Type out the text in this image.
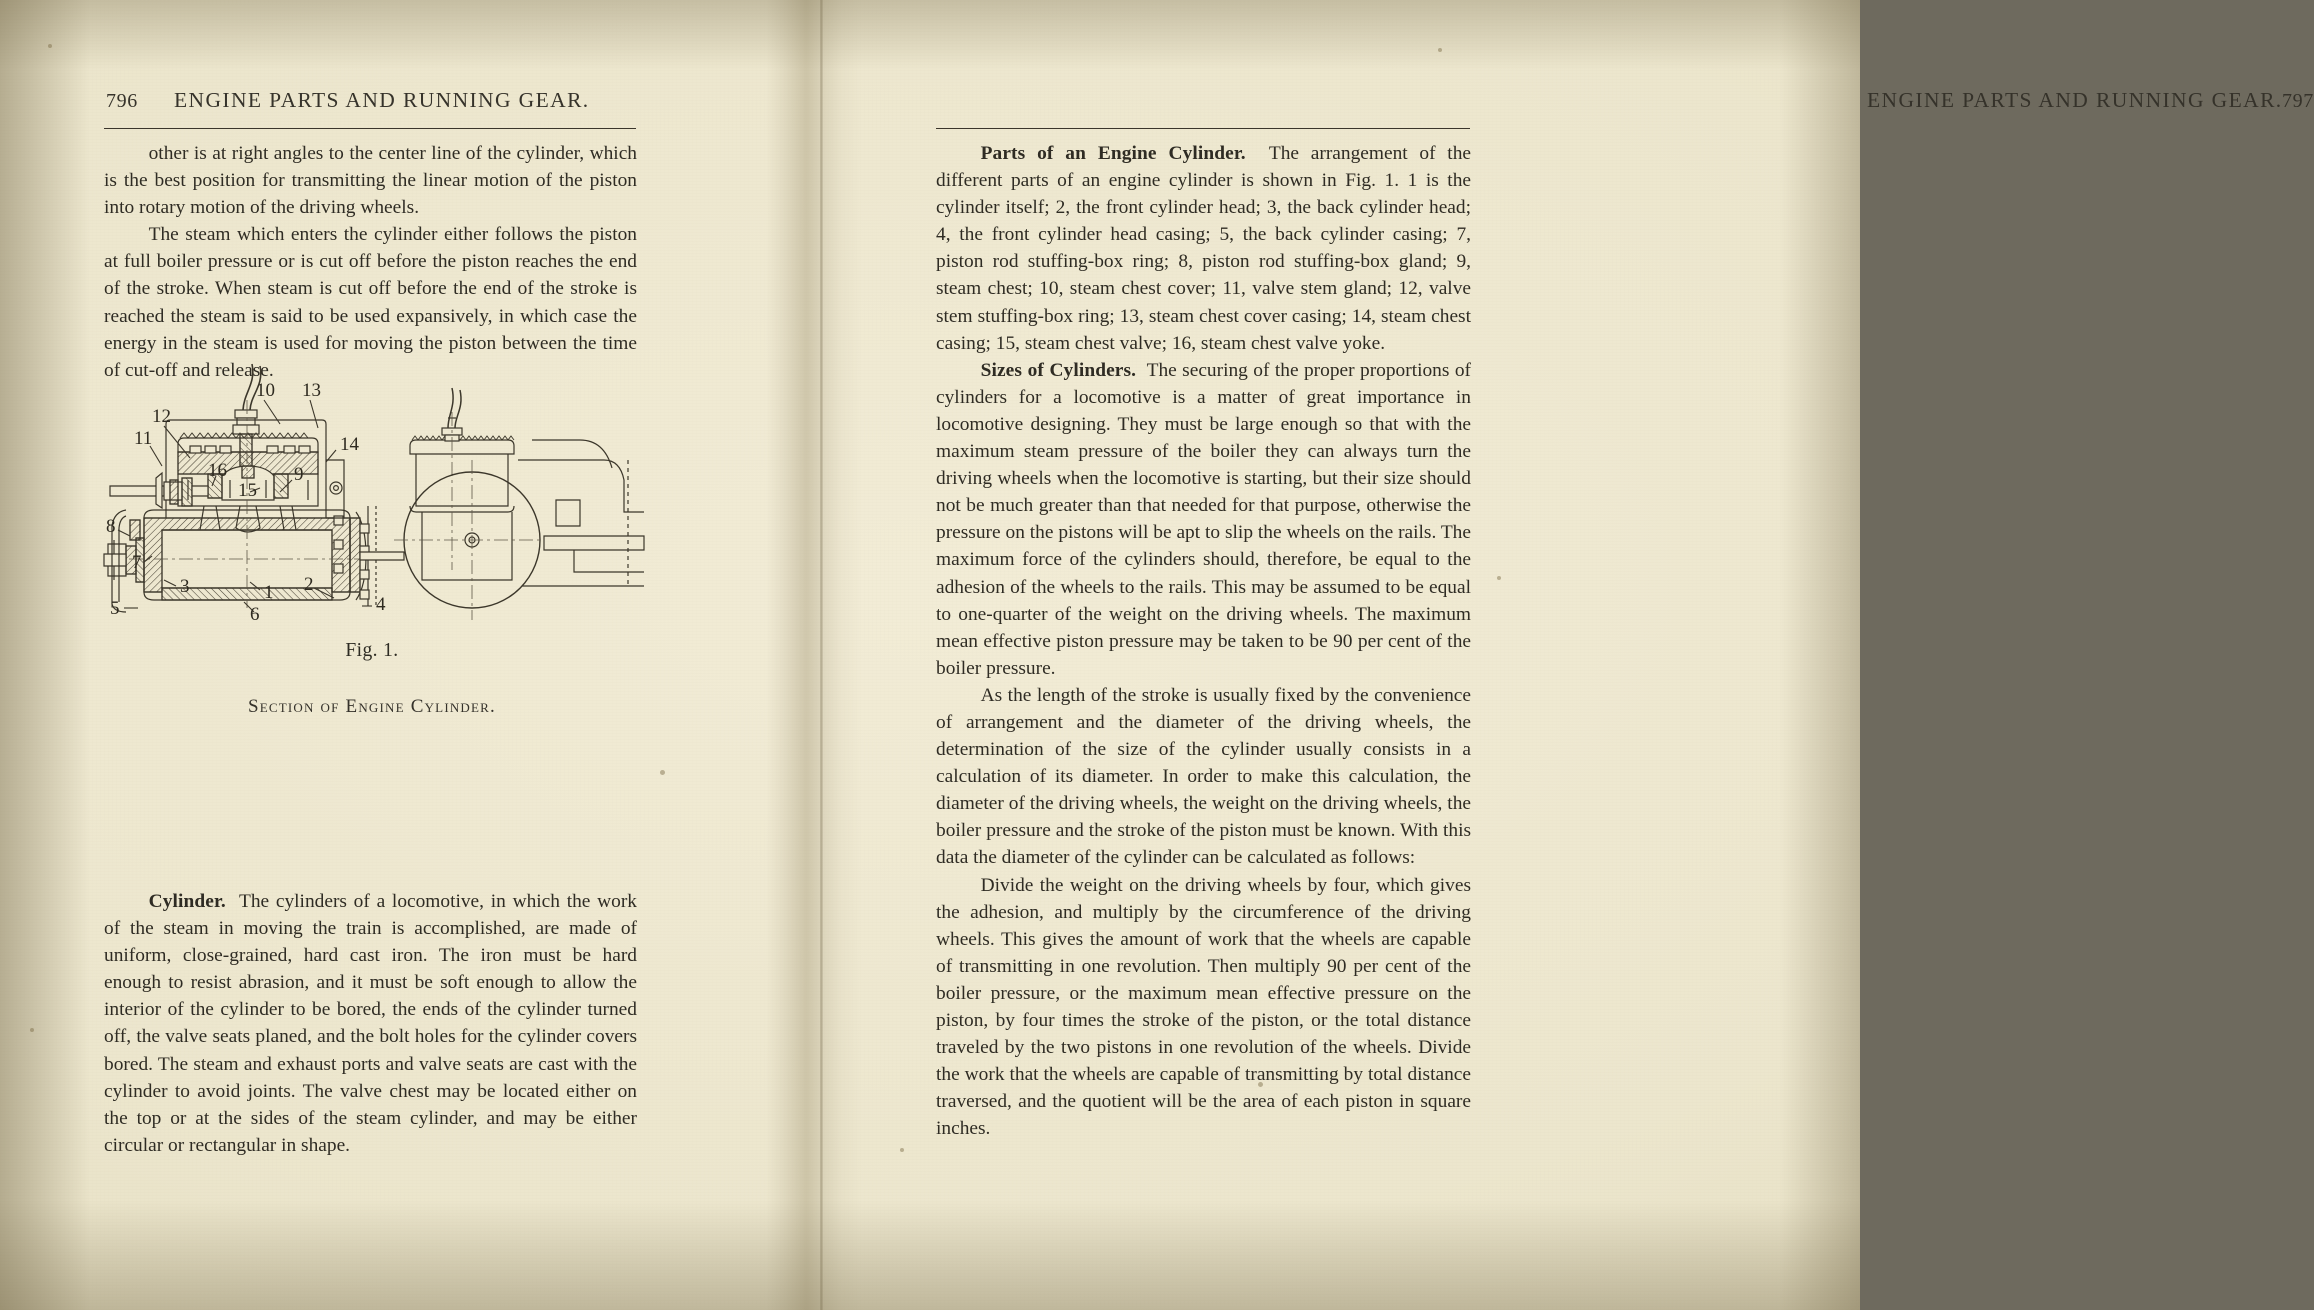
796 ENGINE PARTS AND RUNNING GEAR.

other is at right angles to the center line of the cylinder, which is the best position for transmitting the linear motion of the piston into rotary motion of the driving wheels.

The steam which enters the cylinder either follows the piston at full boiler pressure or is cut off before the piston reaches the end of the stroke. When steam is cut off before the end of the stroke is reached the steam is said to be used expansively, in which case the energy in the steam is used for moving the piston between the time of cut-off and release.

10 13
12
11	14
16	9
15
8
7
3	1 2
4
5	6
Fig. 1.
Section of Engine Cylinder.

Cylinder. The cylinders of a locomotive, in which the work of the steam in moving the train is accomplished, are made of uniform, close-grained, hard cast iron. The iron must be hard enough to resist abrasion, and it must be soft enough to allow the interior of the cylinder to be bored, the ends of the cylinder turned off, the valve seats planed, and the bolt holes for the cylinder covers bored. The steam and exhaust ports and valve seats are cast with the cylinder to avoid joints. The valve chest may be located either on the top or at the sides of the steam cylinder, and may be either circular or rectangular in shape.

ENGINE PARTS AND RUNNING GEAR. 797

Parts of an Engine Cylinder. The arrangement of the different parts of an engine cylinder is shown in Fig. 1. 1 is the cylinder itself; 2, the front cylinder head; 3, the back cylinder head; 4, the front cylinder head casing; 5, the back cylinder casing; 7, piston rod stuffing-box ring; 8, piston rod stuffing-box gland; 9, steam chest; 10, steam chest cover; 11, valve stem gland; 12, valve stem stuffing-box ring; 13, steam chest cover casing; 14, steam chest casing; 15, steam chest valve; 16, steam chest valve yoke.

Sizes of Cylinders. The securing of the proper proportions of cylinders for a locomotive is a matter of great importance in locomotive designing. They must be large enough so that with the maximum steam pressure of the boiler they can always turn the driving wheels when the locomotive is starting, but their size should not be much greater than that needed for that purpose, otherwise the pressure on the pistons will be apt to slip the wheels on the rails. The maximum force of the cylinders should, therefore, be equal to the adhesion of the wheels to the rails. This may be assumed to be equal to one-quarter of the weight on the driving wheels. The maximum mean effective piston pressure may be taken to be 90 per cent of the boiler pressure.

As the length of the stroke is usually fixed by the convenience of arrangement and the diameter of the driving wheels, the determination of the size of the cylinder usually consists in a calculation of its diameter. In order to make this calculation, the diameter of the driving wheels, the weight on the driving wheels, the boiler pressure and the stroke of the piston must be known. With this data the diameter of the cylinder can be calculated as follows:

Divide the weight on the driving wheels by four, which gives the adhesion, and multiply by the circumference of the driving wheels. This gives the amount of work that the wheels are capable of transmitting in one revolution. Then multiply 90 per cent of the boiler pressure, or the maximum mean effective pressure on the piston, by four times the stroke of the piston, or the total distance traveled by the two pistons in one revolution of the wheels. Divide the work that the wheels are capable of transmitting by total distance traversed, and the quotient will be the area of each piston in square inches.
